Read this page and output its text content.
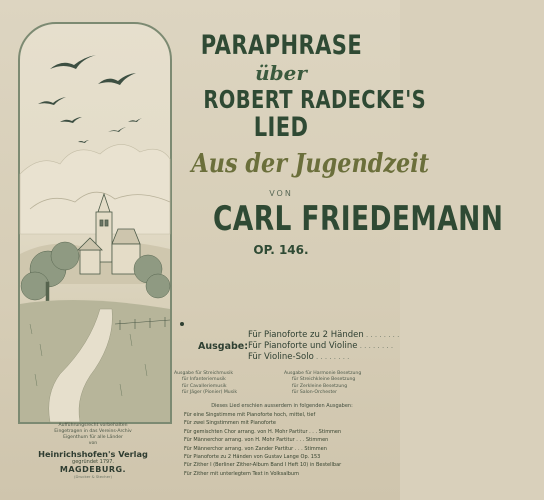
Aufführungsrecht vorbehalten
Eingetragen in das Vereins-Archiv
Eigenthum für alle Länder
von
Heinrichshofen's Verlag
gegründet 1797.
MAGDEBURG.
(Drucker & Stecher)
PARAPHRASE
über
ROBERT RADECKE'S
LIED
Aus der Jugendzeit
VON
CARL FRIEDEMANN
OP. 146.
Für Pianoforte zu 2 Händen . . .
Ausgabe: Für Pianoforte und Violine . . .
Für Violine-Solo . . .
Ausgabe für Streichmusik
für Infanteriemusik
für Cavalleriemusik
für Jäger (Pionier) Musik
Ausgabe für Harmonie Besetzung
für Streichkleine Besetzung
für Zerkleine Besetzung
für Salon-Orchester
Dieses Lied erschien ausserdem in folgenden Ausgaben:
Für eine Singstimme mit Pianoforte hoch, mittel, tief
Für zwei Singstimmen mit Pianoforte
Für gemischten Chor arrang. von H. Mohr Partitur . . . Stimmen
Für Männerchor arrang. von H. Mohr Partitur . . . Stimmen
Für Männerchor arrang. von Zander Partitur . . . Stimmen
Für Pianoforte zu 2 Händen von Gustav Lange Op. 153
Für Zither I (Berliner Zither-Album Band I Heft 10) in Bestellbar
Für Zither mit unterlegtem Text in Volksalbum
